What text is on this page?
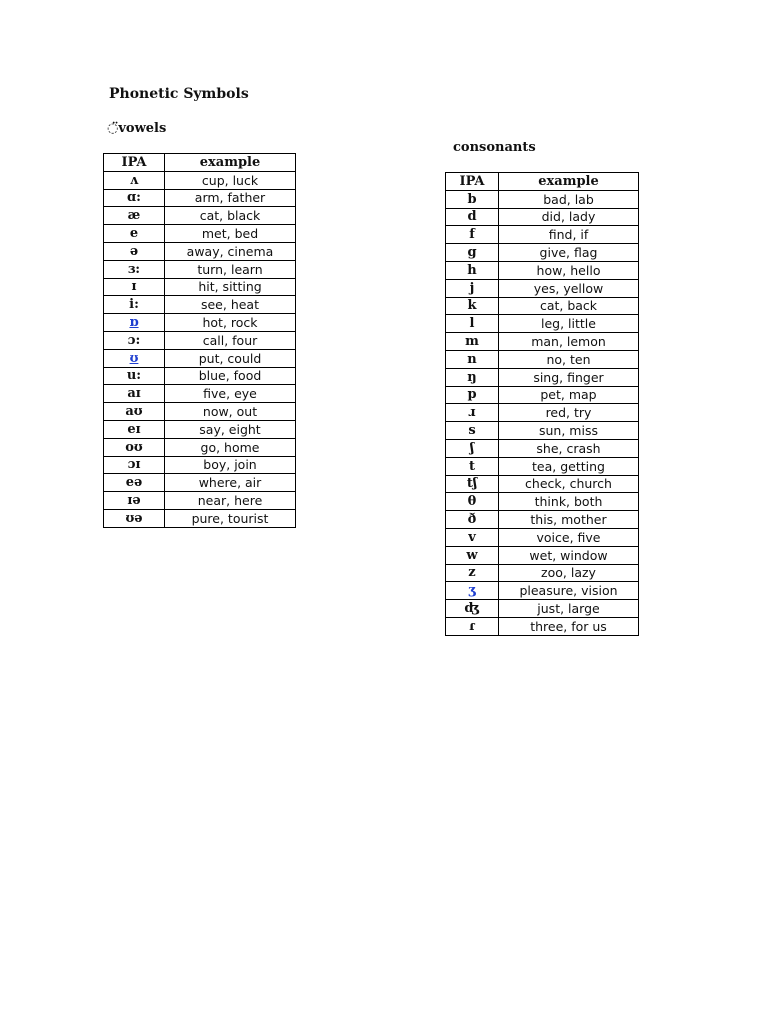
Phonetic Symbols
◌̈vowels
consonants
IPA	example
ʌ	cup, luck
ɑ:	arm, father
æ	cat, black
e	met, bed
ə	away, cinema
ɜ:	turn, learn
ɪ	hit, sitting
i:	see, heat
ɒ	hot, rock
ɔ:	call, four
ʊ	put, could
u:	blue, food
aɪ	five, eye
aʊ	now, out
eɪ	say, eight
oʊ	go, home
ɔɪ	boy, join
eə	where, air
ɪə	near, here
ʊə	pure, tourist
IPA	example
b	bad, lab
d	did, lady
f	find, if
g	give, flag
h	how, hello
j	yes, yellow
k	cat, back
l	leg, little
m	man, lemon
n	no, ten
ŋ	sing, finger
p	pet, map
ɹ	red, try
s	sun, miss
ʃ	she, crash
t	tea, getting
tʃ	check, church
θ	think, both
ð	this, mother
v	voice, five
w	wet, window
z	zoo, lazy
ʒ	pleasure, vision
ʤ	just, large
ɾ	three, for us
